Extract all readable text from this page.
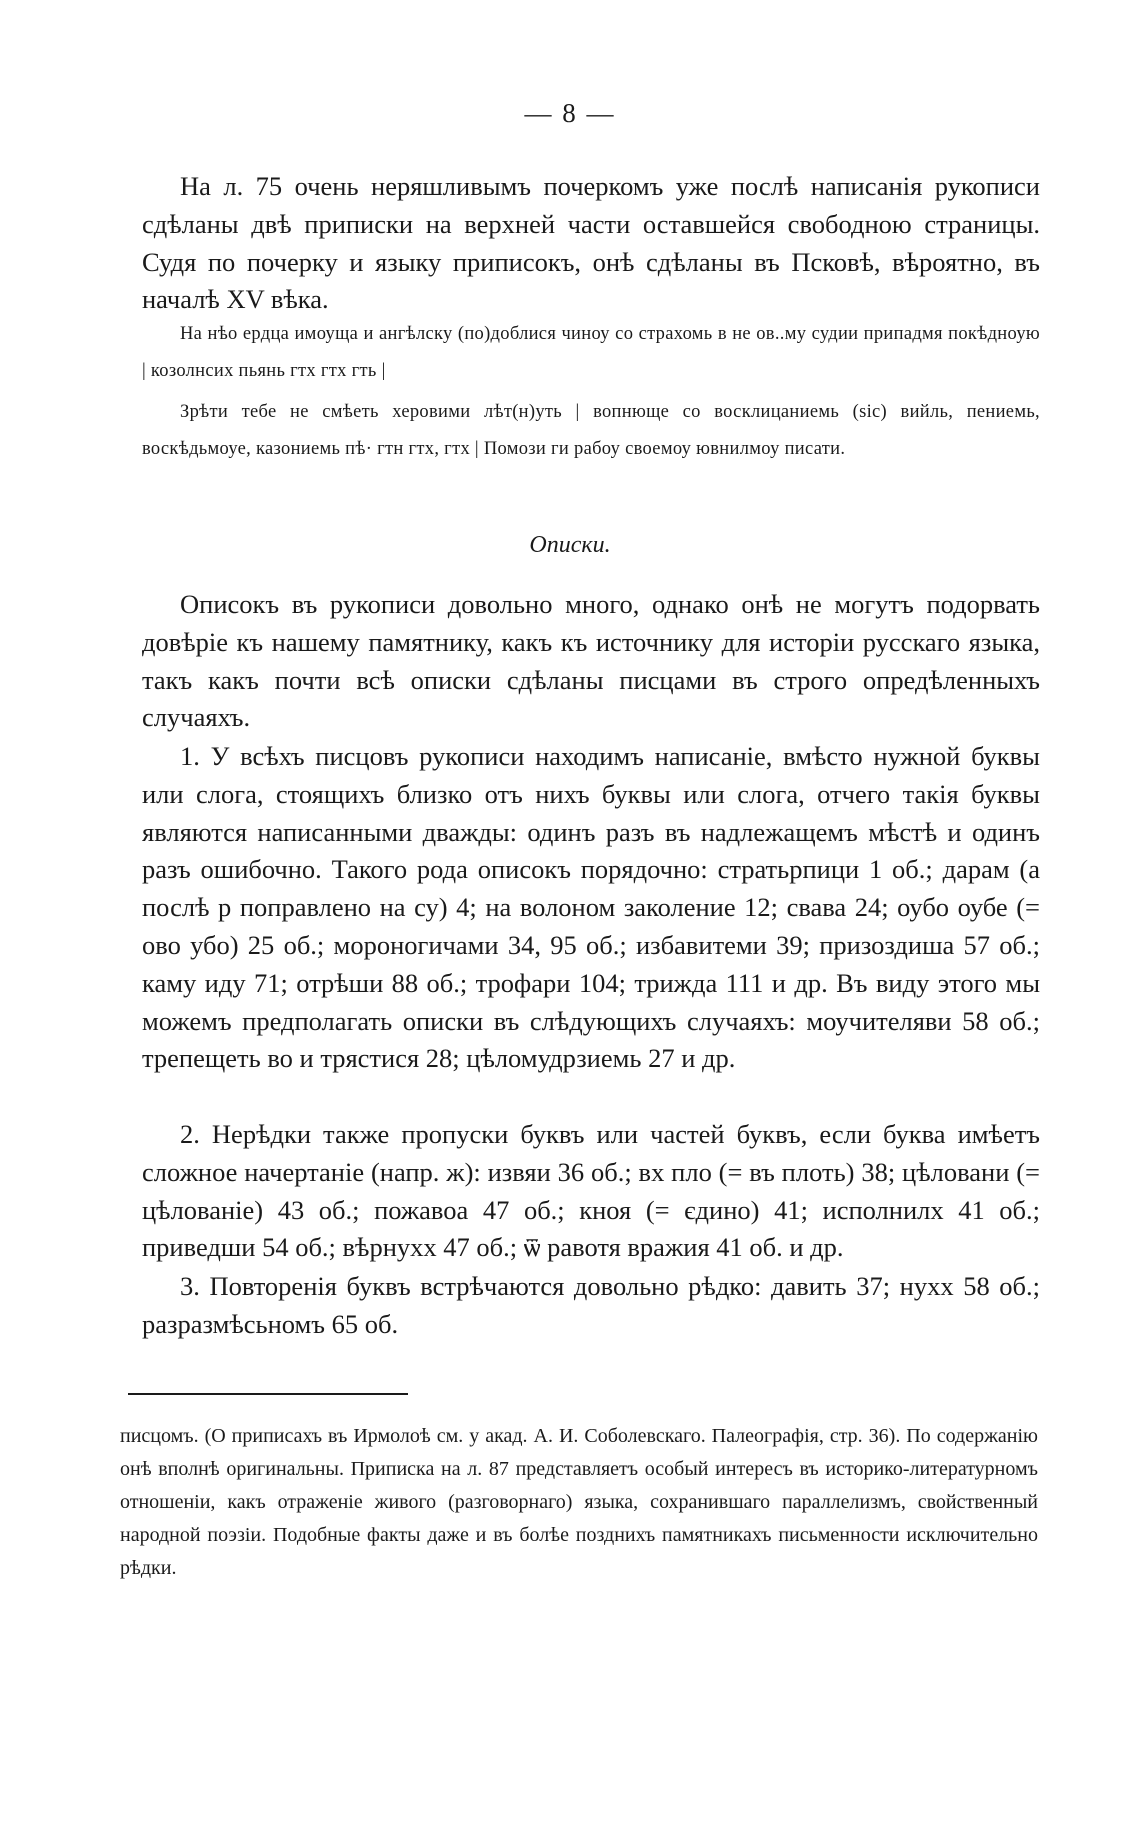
— 8 —

На л. 75 очень неряшливымъ почеркомъ уже послѣ написанія рукописи сдѣланы двѣ приписки на верхней части оставшейся свободною страницы. Судя по почерку и языку приписокъ, онѣ сдѣланы въ Псковѣ, вѣроятно, въ началѣ XV вѣка.

На нѣо ердца имоуща и ангѣлску (по)доблися чиноу со страхомь в не ов..му судии припадмя покѣдноую | козолнсих пьянь гтх гтх гть |

Зрѣти тебе не смѣеть херовими лѣт(н)уть | вопнюще со восклицаниемь (sic) вийль, пениемь, воскѣдьмоуе, казониемь пѣ· гтн гтх, гтх | Помози ги рабоу своемоу ювнилмоу писати.

Описки.

Описокъ въ рукописи довольно много, однако онѣ не могутъ подорвать довѣріе къ нашему памятнику, какъ къ источнику для исторіи русскаго языка, такъ какъ почти всѣ описки сдѣланы писцами въ строго опредѣленныхъ случаяхъ.

1. У всѣхъ писцовъ рукописи находимъ написаніе, вмѣсто нужной буквы или слога, стоящихъ близко отъ нихъ буквы или слога, отчего такія буквы являются написанными дважды: одинъ разъ въ надлежащемъ мѣстѣ и одинъ разъ ошибочно. Такого рода описокъ порядочно: стратьрпици 1 об.; дарам (а послѣ р поправлено на су) 4; на волоном заколение 12; свава 24; оубо оубе (= ово убо) 25 об.; мороногичами 34, 95 об.; избавитеми 39; призоздиша 57 об.; камy иду 71; отрѣши 88 об.; трофари 104; трижда 111 и др. Въ виду этого мы можемъ предполагать описки въ слѣдующихъ случаяхъ: моучителяви 58 об.; трепещеть во и трястися 28; цѣломудрзиемь 27 и др.

2. Нерѣдки также пропуски буквъ или частей буквъ, если буква имѣетъ сложное начертаніе (напр. ж): извяи 36 об.; вх пло (= въ плоть) 38; цѣловани (= цѣлованіе) 43 об.; пожавоа 47 об.; кноя (= єдино) 41; исполнилх 41 об.; приведши 54 об.; вѣрнухх 47 об.; ѿ равотя вражия 41 об. и др.

3. Повторенія буквъ встрѣчаются довольно рѣдко: давить 37; нухх 58 об.; разразмѣсьномъ 65 об.

писцомъ. (О приписахъ въ Ирмолоѣ см. у акад. А. И. Соболевскаго. Палеографія, стр. 36). По содержанію онѣ вполнѣ оригинальны. Приписка на л. 87 представляетъ особый интересъ въ историко-литературномъ отношеніи, какъ отраженіе живого (разговорнаго) языка, сохранившаго параллелизмъ, свойственный народной поэзіи. Подобные факты даже и въ болѣе позднихъ памятникахъ письменности исключительно рѣдки.
